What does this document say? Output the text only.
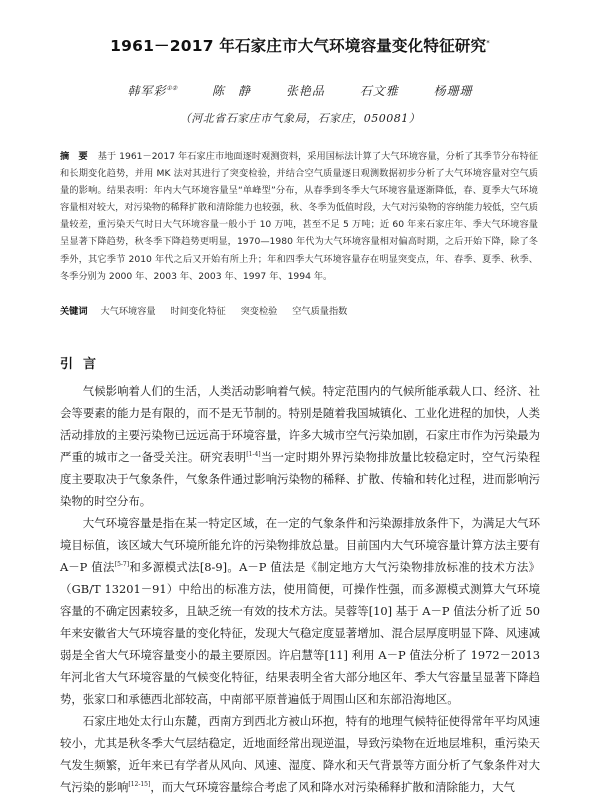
1961－2017 年石家庄市大气环境容量变化特征研究*
韩军彩①②	陈　静	张艳品	石文雅	杨珊珊
（河北省石家庄市气象局，石家庄，050081）
摘　要 基于 1961－2017 年石家庄市地面逐时观测资料，采用国标法计算了大气环境容量，分析了其季节分布特征和长期变化趋势，并用 MK 法对其进行了突变检验，并结合空气质量逐日观测数据初步分析了大气环境容量对空气质量的影响。结果表明：年内大气环境容量呈“单峰型”分布，从春季到冬季大气环境容量逐渐降低，春、夏季大气环境容量相对较大，对污染物的稀释扩散和清除能力也较强，秋、冬季为低值时段，大气对污染物的容纳能力较低，空气质量较差，重污染天气时日大气环境容量一般小于 10 万吨，甚至不足 5 万吨；近 60 年来石家庄年、季大气环境容量呈显著下降趋势，秋冬季下降趋势更明显，1970—1980 年代为大气环境容量相对偏高时期，之后开始下降，除了冬季外，其它季节 2010 年代之后又开始有所上升；年和四季大气环境容量存在明显突变点，年、春季、夏季、秋季、冬季分别为 2000 年、2003 年、2003 年、1997 年、1994 年。
关键词 大气环境容量 时间变化特征 突变检验 空气质量指数
引言

气候影响着人们的生活，人类活动影响着气候。特定范围内的气候所能承载人口、经济、社会等要素的能力是有限的，而不是无节制的。特别是随着我国城镇化、工业化进程的加快，人类活动排放的主要污染物已远远高于环境容量，许多大城市空气污染加剧，石家庄市作为污染最为严重的城市之一备受关注。研究表明[1-4]当一定时期外界污染物排放量比较稳定时，空气污染程度主要取决于气象条件，气象条件通过影响污染物的稀释、扩散、传输和转化过程，进而影响污染物的时空分布。

大气环境容量是指在某一特定区域，在一定的气象条件和污染源排放条件下，为满足大气环境目标值，该区域大气环境所能允许的污染物排放总量。目前国内大气环境容量计算方法主要有 A－P 值法[5-7]和多源模式法[8-9]。A－P 值法是《制定地方大气污染物排放标准的技术方法》（GB/T 13201－91）中给出的标准方法，使用简便，可操作性强，而多源模式测算大气环境容量的不确定因素较多，且缺乏统一有效的技术方法。吴蓉等[10] 基于 A－P 值法分析了近 50 年来安徽省大气环境容量的变化特征，发现大气稳定度显著增加、混合层厚度明显下降、风速减弱是全省大气环境容量变小的最主要原因。许启慧等[11] 利用 A－P 值法分析了 1972－2013 年河北省大气环境容量的气候变化特征，结果表明全省大部分地区年、季大气容量呈显著下降趋势，张家口和承德西北部较高，中南部平原普遍低于周围山区和东部沿海地区。

石家庄地处太行山东麓，西南方到西北方被山环抱，特有的地理气候特征使得常年平均风速较小，尤其是秋冬季大气层结稳定，近地面经常出现逆温，导致污染物在近地层堆积，重污染天气发生频繁，近年来已有学者从风向、风速、湿度、降水和天气背景等方面分析了气象条件对大气污染的影响[12-15]，而大气环境容量综合考虑了风和降水对污染稀释扩散和清除能力，大气
